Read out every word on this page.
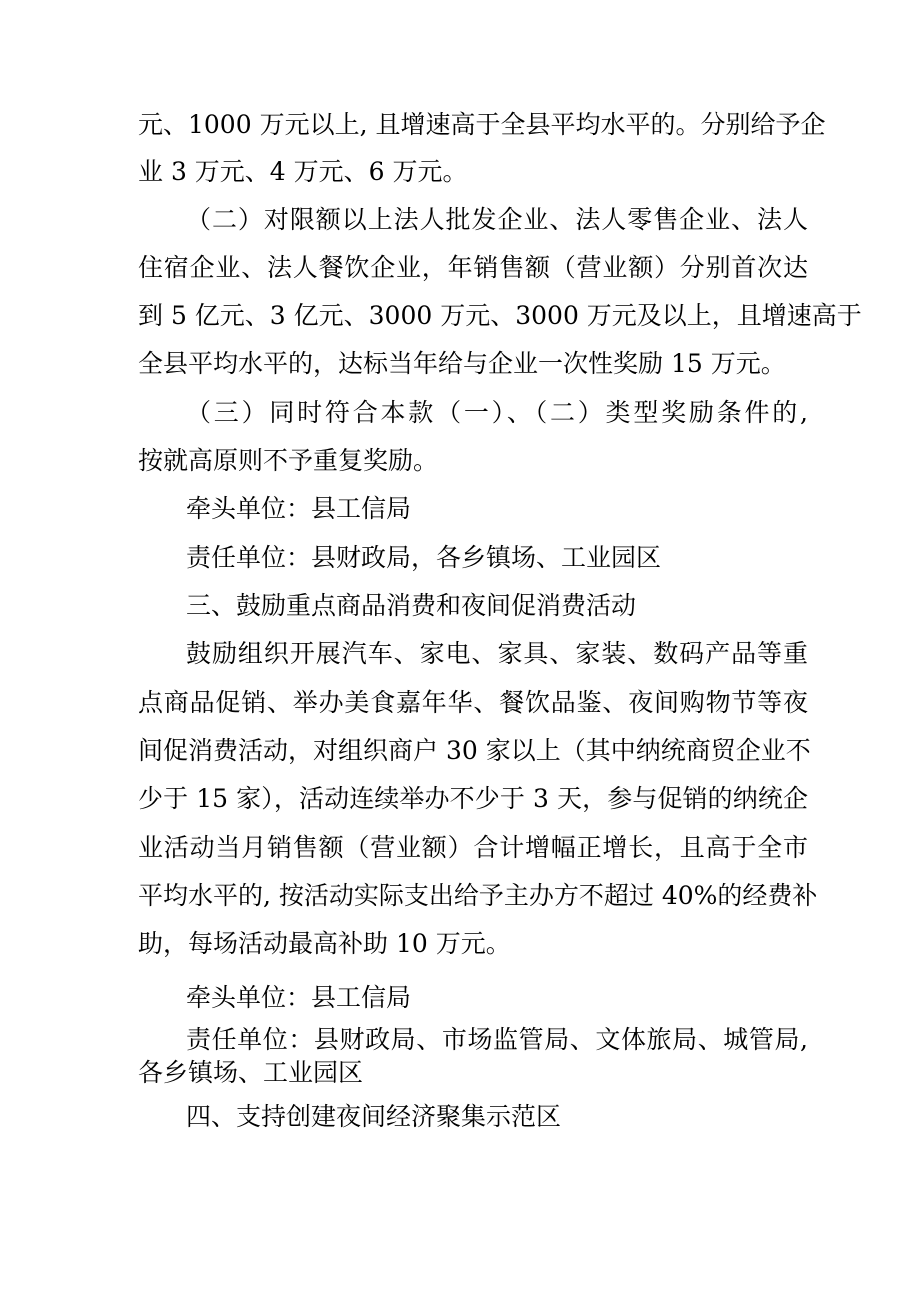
元、1000 万元以上, 且增速高于全县平均水平的。分别给予企
业 3 万元、4 万元、6 万元。
（二）对限额以上法人批发企业、法人零售企业、法人
住宿企业、法人餐饮企业，年销售额（营业额）分别首次达
到 5 亿元、3 亿元、3000 万元、3000 万元及以上，且增速高于
全县平均水平的，达标当年给与企业一次性奖励 15 万元。
（三）同时符合本款（一）、（二）类型奖励条件的,
按就高原则不予重复奖励。
牵头单位：县工信局
责任单位：县财政局，各乡镇场、工业园区
三、鼓励重点商品消费和夜间促消费活动
鼓励组织开展汽车、家电、家具、家装、数码产品等重
点商品促销、举办美食嘉年华、餐饮品鉴、夜间购物节等夜
间促消费活动，对组织商户 30 家以上（其中纳统商贸企业不
少于 15 家），活动连续举办不少于 3 天，参与促销的纳统企
业活动当月销售额（营业额）合计增幅正增长，且高于全市
平均水平的, 按活动实际支出给予主办方不超过 40%的经费补
助，每场活动最高补助 10 万元。
牵头单位：县工信局
责任单位：县财政局、市场监管局、文体旅局、城管局,
各乡镇场、工业园区
四、支持创建夜间经济聚集示范区
